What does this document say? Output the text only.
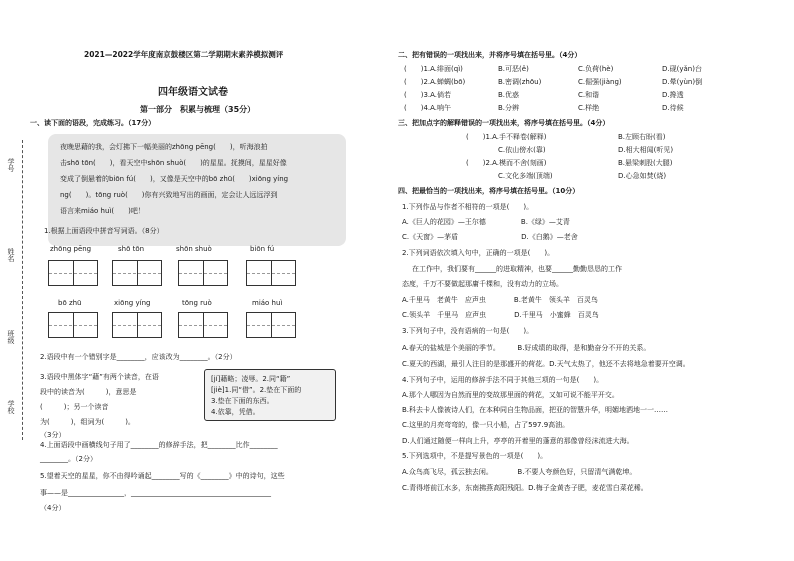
学号
姓名
班级
学校
2021—2022学年度南京鼓楼区第二学期期末素养模拟测评
四年级语文试卷
第一部分　积累与梳理（35分）
一、读下面的语段，完成练习。（17分）
夜晚思藉的我，会灯拂下一幅美丽的zhōng pēng(　　)，听海浪拍
击shō tōn(　　)，看天空中shōn shuò(　　)的星星。抚摸间，星星好像
变成了倒悬着的biōn fú(　　)，又像是天空中的bō zhū(　　)xiōng yíng
ng(　　)。tōng ruò(　　)你有兴致地写出的画面，定会让人远远浮到
语言来miáo huì(　　)吧！
1.根据上面语段中拼音写词语。（8分）
zhōng pēng	shō tōn	shōn shuò	biōn fú
bō zhū	xiōng yíng	tōng ruò	miáo huì
2.语段中有一个错别字是________，应该改为________。（2分）
3.语段中黑体字“藉”有两个读音，在语
段中的读音为(　　　)，意思是
(　　　)；另一个读音
为(　　　)，组词为(　　　)。
（3分）
[jí]藉略；凌辱。2.同“籍”
[jiè]1.同“借”。2.垫在下面的
3.垫在下面的东西。
4.依靠，凭借。
4.上面语段中画横线句子用了________的修辞手法，把________比作________
________。（2分）
5.望着天空的星星，你不由得吟诵起________写的《________》中的诗句，这些
事——是________________，________________________________________
（4分）
二、把有错误的一项找出来，并将序号填在括号里。（4分）
(　　)1.A.绯面(qì)	B.可恶(ě)	C.负荷(hè)	D.砚(yǎn)台
(　　)2.A.蝉蜩(bō)	B.密调(zhōu)	C.倔强(jiàng)	D.晕(yùn)倒
(　　)3.A.倘若	B.优惑	C.和谐	D.搀透
(　　)4.A.响午	B.分辨	C.样绝	D.待候
三、把加点字的解释错误的一项找出来，将序号填在括号里。（4分）
(　　)1.A.手不释卷(解释)	B.左顾右盼(看)
C.依山傍水(靠)	D.相大相闻(听见)
(　　)2.A.模而不舍(刻画)	B.悬梁刺股(大腿)
C.文化多端(顶端)	D.心急如焚(烧)
四、把最恰当的一项找出来，将序号填在括号里。（10分）
1.下列作品与作者不相符的一项是(　　)。
A.《巨人的花园》—王尔德　　　　　B.《绿》—艾青
C.《天窗》—茅盾　　　　　　　　　D.《白鹅》—老舍
2.下列词语依次填入句中，正确的一项是(　　)。
在工作中，我们要有______的进取精神，也要______勤勤恳恳的工作
态度，千万不要做起那庸千棵和，没有动力的立场。
A.千里马　老黄牛　应声虫　　　　B.老黄牛　领头羊　百灵鸟
C.领头羊　千里马　应声虫　　　　D.千里马　小蜜蜂　百灵鸟
3.下列句子中，没有语病的一句是(　　)。
A.春天的盐城是个美丽的季节。　　　B.好成绩的取得，是和勤奋分不开的关系。
C.夏天的西湖，最引人注目的是那盛开的荷花。D.天气太热了，他还不去将地急着要开空调。
4.下列句子中，运用的修辞手法不同于其他三项的一句是(　　)。
A.那个人哪因为自然而里的变故那里面的荷花，又如可说不能平开交。
B.科去卡人像被诗人们，在本种同自生物品面，把亚的智慧升华，明媚地洒地一一……
C.这里的月亮弯弯的，像一只小船，占了597.9高油。
D.人们通过随便一样向上升，亭亭的开着里的蓬意的那像曾经沫流进大海。
5.下列选项中，不是提写景色的一项是(　　)。
A.众鸟高飞尽，孤云独去闲。　　　　B.不要人夸颜色好，只留清气满乾坤。
C.青得塔前江水多，东南拂燕高阳残阳。D.梅子金黄杏子肥，麦花雪白菜花稀。
